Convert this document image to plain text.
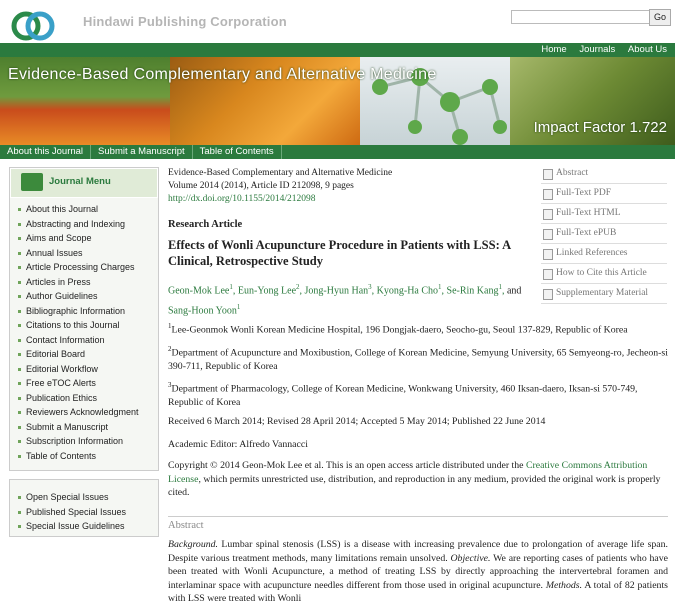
Hindawi Publishing Corporation	Go
Home Journals About Us
Evidence-Based Complementary and Alternative Medicine
Impact Factor 1.722
About this Journal Submit a Manuscript Table of Contents
Journal Menu
About this Journal
Abstracting and Indexing
Aims and Scope
Annual Issues
Article Processing Charges
Articles in Press
Author Guidelines
Bibliographic Information
Citations to this Journal
Contact Information
Editorial Board
Editorial Workflow
Free eTOC Alerts
Publication Ethics
Reviewers Acknowledgment
Submit a Manuscript
Subscription Information
Table of Contents
Open Special Issues
Published Special Issues
Special Issue Guidelines
Evidence-Based Complementary and Alternative Medicine
Volume 2014 (2014), Article ID 212098, 9 pages
http://dx.doi.org/10.1155/2014/212098
Abstract
Full-Text PDF
Full-Text HTML
Full-Text ePUB
Linked References
How to Cite this Article
Supplementary Material
Research Article
Effects of Wonli Acupuncture Procedure in Patients with LSS: A Clinical, Retrospective Study
Geon-Mok Lee$^1$, Eun-Yong Lee$^2$, Jong-Hyun Han$^3$, Kyong-Ha Cho$^1$, Se-Rin Kang$^1$, and Sang-Hoon Yoon$^1$

$^1$Lee-Geonmok Wonli Korean Medicine Hospital, 196 Dongjak-daero, Seocho-gu, Seoul 137-829, Republic of Korea

$^2$Department of Acupuncture and Moxibustion, College of Korean Medicine, Semyung University, 65 Semyeong-ro, Jecheon-si 390-711, Republic of Korea

$^3$Department of Pharmacology, College of Korean Medicine, Wonkwang University, 460 Iksan-daero, Iksan-si 570-749, Republic of Korea

Received 6 March 2014; Revised 28 April 2014; Accepted 5 May 2014; Published 22 June 2014
Academic Editor: Alfredo Vannacci
Copyright © 2014 Geon-Mok Lee et al. This is an open access article distributed under the Creative Commons Attribution License, which permits unrestricted use, distribution, and reproduction in any medium, provided the original work is properly cited.
Abstract
Background. Lumbar spinal stenosis (LSS) is a disease with increasing prevalence due to prolongation of average life span. Despite various treatment methods, many limitations remain unsolved. Objective. We are reporting cases of patients who have been treated with Wonli Acupuncture, a method of treating LSS by directly approaching the intervertebral foramen and interlaminar space with acupuncture needles different from those used in original acupuncture. Methods. A total of 82 patients with LSS were treated with Wonli
